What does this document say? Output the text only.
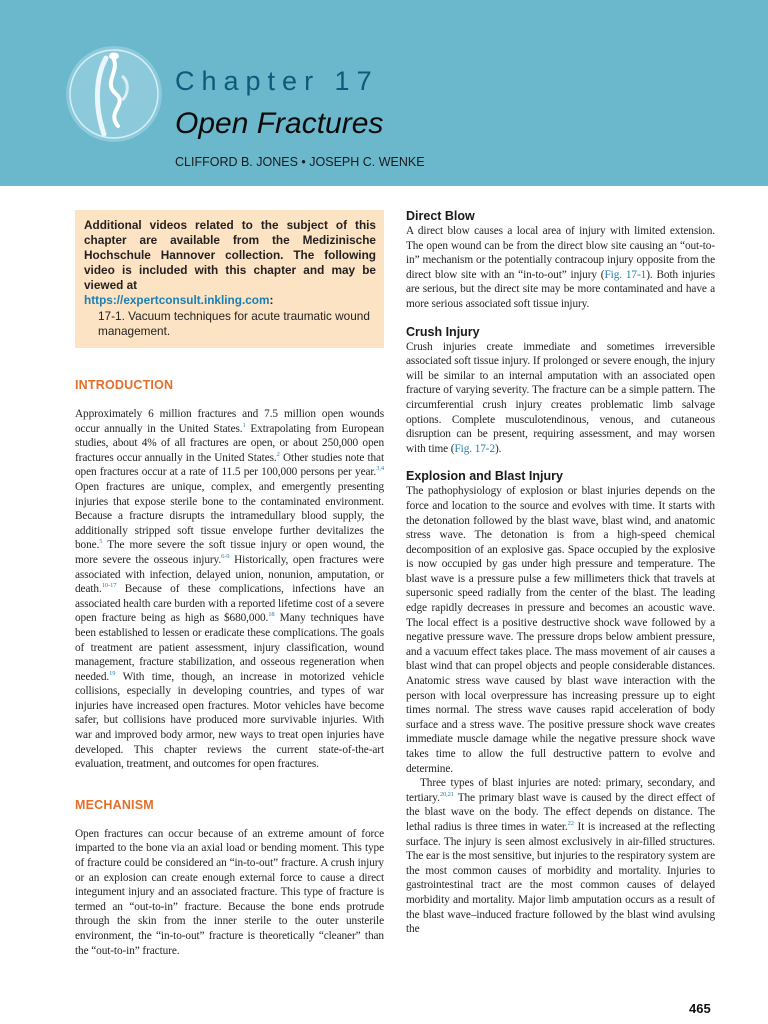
Chapter 17
Open Fractures

CLIFFORD B. JONES • JOSEPH C. WENKE

Additional videos related to the subject of this chapter are available from the Medizinische Hochschule Hannover collection. The following video is included with this chapter and may be viewed at
https://expertconsult.inkling.com:

17-1. Vacuum techniques for acute traumatic wound management.

INTRODUCTION

Approximately 6 million fractures and 7.5 million open wounds occur annually in the United States.$^1$ Extrapolating from European studies, about 4% of all fractures are open, or about 250,000 open fractures occur annually in the United States.$^2$ Other studies note that open fractures occur at a rate of 11.5 per 100,000 persons per year.$^{3,4}$ Open fractures are unique, complex, and emergently presenting injuries that expose sterile bone to the contaminated environment. Because a fracture disrupts the intramedullary blood supply, the additionally stripped soft tissue envelope further devitalizes the bone.$^5$ The more severe the soft tissue injury or open wound, the more severe the osseous injury.$^{6-9}$ Historically, open fractures were associated with infection, delayed union, nonunion, amputation, or death.$^{10-17}$ Because of these complications, infections have an associated health care burden with a reported lifetime cost of a severe open fracture being as high as $680,000.18 Many techniques have been established to lessen or eradicate these complications. The goals of treatment are patient assessment, injury classification, wound management, fracture stabilization, and osseous regeneration when needed.$^{19}$ With time, though, an increase in motorized vehicle collisions, especially in developing countries, and types of war injuries have increased open fractures. Motor vehicles have become safer, but collisions have produced more survivable injuries. With war and improved body armor, new ways to treat open injuries have developed. This chapter reviews the current state-of-the-art evaluation, treatment, and outcomes for open fractures.

MECHANISM

Open fractures can occur because of an extreme amount of force imparted to the bone via an axial load or bending moment. This type of fracture could be considered an “in-to-out” fracture. A crush injury or an explosion can create enough external force to cause a direct integument injury and an associated fracture. This type of fracture is termed an “out-to-in” fracture. Because the bone ends protrude through the skin from the inner sterile to the outer unsterile environment, the “in-to-out” fracture is theoretically “cleaner” than the “out-to-in” fracture.

Direct Blow

A direct blow causes a local area of injury with limited extension. The open wound can be from the direct blow site causing an “out-to-in” mechanism or the potentially contracoup injury opposite from the direct blow site with an “in-to-out” injury (Fig. 17-1). Both injuries are serious, but the direct site may be more contaminated and have a more serious associated soft tissue injury.

Crush Injury

Crush injuries create immediate and sometimes irreversible associated soft tissue injury. If prolonged or severe enough, the injury will be similar to an internal amputation with an associated open fracture of varying severity. The fracture can be a simple pattern. The circumferential crush injury creates problematic limb salvage options. Complete musculotendinous, venous, and cutaneous disruption can be present, requiring assessment, and may worsen with time (Fig. 17-2).

Explosion and Blast Injury

The pathophysiology of explosion or blast injuries depends on the force and location to the source and evolves with time. It starts with the detonation followed by the blast wave, blast wind, and anatomic stress wave. The detonation is from a high-speed chemical decomposition of an explosive gas. Space occupied by the explosive is now occupied by gas under high pressure and temperature. The blast wave is a pressure pulse a few millimeters thick that travels at supersonic speed radially from the center of the blast. The leading edge rapidly decreases in pressure and becomes an acoustic wave. The local effect is a positive destructive shock wave followed by a negative pressure wave. The pressure drops below ambient pressure, and a vacuum effect takes place. The mass movement of air causes a blast wind that can propel objects and people considerable distances. Anatomic stress wave caused by blast wave interaction with the person with local overpressure has increasing pressure up to eight times normal. The stress wave causes rapid acceleration of body surface and a stress wave. The positive pressure shock wave creates immediate muscle damage while the negative pressure shock wave takes time to allow the full destructive pattern to evolve and determine.

Three types of blast injuries are noted: primary, secondary, and tertiary.$^{20,21}$ The primary blast wave is caused by the direct effect of the blast wave on the body. The effect depends on distance. The lethal radius is three times in water.$^{22}$ It is increased at the reflecting surface. The injury is seen almost exclusively in air-filled structures. The ear is the most sensitive, but injuries to the respiratory system are the most common causes of morbidity and mortality. Injuries to gastrointestinal tract are the most common causes of delayed morbidity and mortality. Major limb amputation occurs as a result of the blast wave–induced fracture followed by the blast wind avulsing the

465
